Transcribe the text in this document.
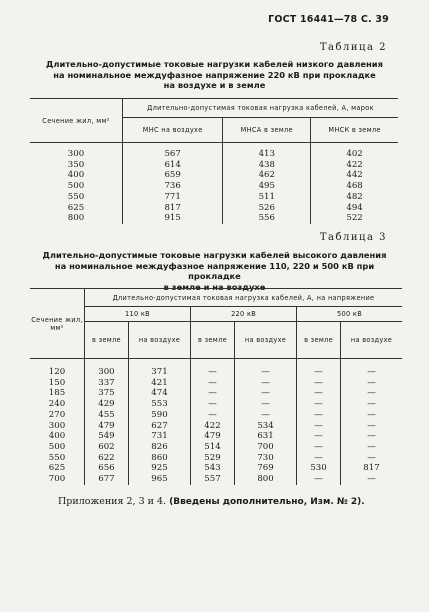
ГОСТ 16441—78 С. 39
Таблица 2
Длительно-допустимые токовые нагрузки кабелей низкого давления
на номинальное междуфазное напряжение 220 кВ при прокладке
на воздухе и в земле
Сечение жил, мм²	Длительно-допустимая токовая нагрузка кабелей, А, марок		
	МНС на воздухе	МНСА в земле	МНСК в земле
300	567	413	402
350	614	438	422
400	659	462	442
500	736	495	468
550	771	511	482
625	817	526	494
800	915	556	522
Таблица 3
Длительно-допустимые токовые нагрузки кабелей высокого давления
на номинальное междуфазное напряжение 110, 220 и 500 кВ при прокладке
в земле и на воздухе
Сечение жил, мм²	Длительно-допустимая токовая нагрузка кабелей, А, на напряжение					
	110 кВ		220 кВ		500 кВ	
	в земле	на воздухе	в земле	на воздухе	в земле	на воздухе
120	300	371	—	—	—	—
150	337	421	—	—	—	—
185	375	474	—	—	—	—
240	429	553	—	—	—	—
270	455	590	—	—	—	—
300	479	627	422	534	—	—
400	549	731	479	631	—	—
500	602	826	514	700	—	—
550	622	860	529	730	—	—
625	656	925	543	769	530	817
700	677	965	557	800	—	—
Приложения 2, 3 и 4. (Введены дополнительно, Изм. № 2).
